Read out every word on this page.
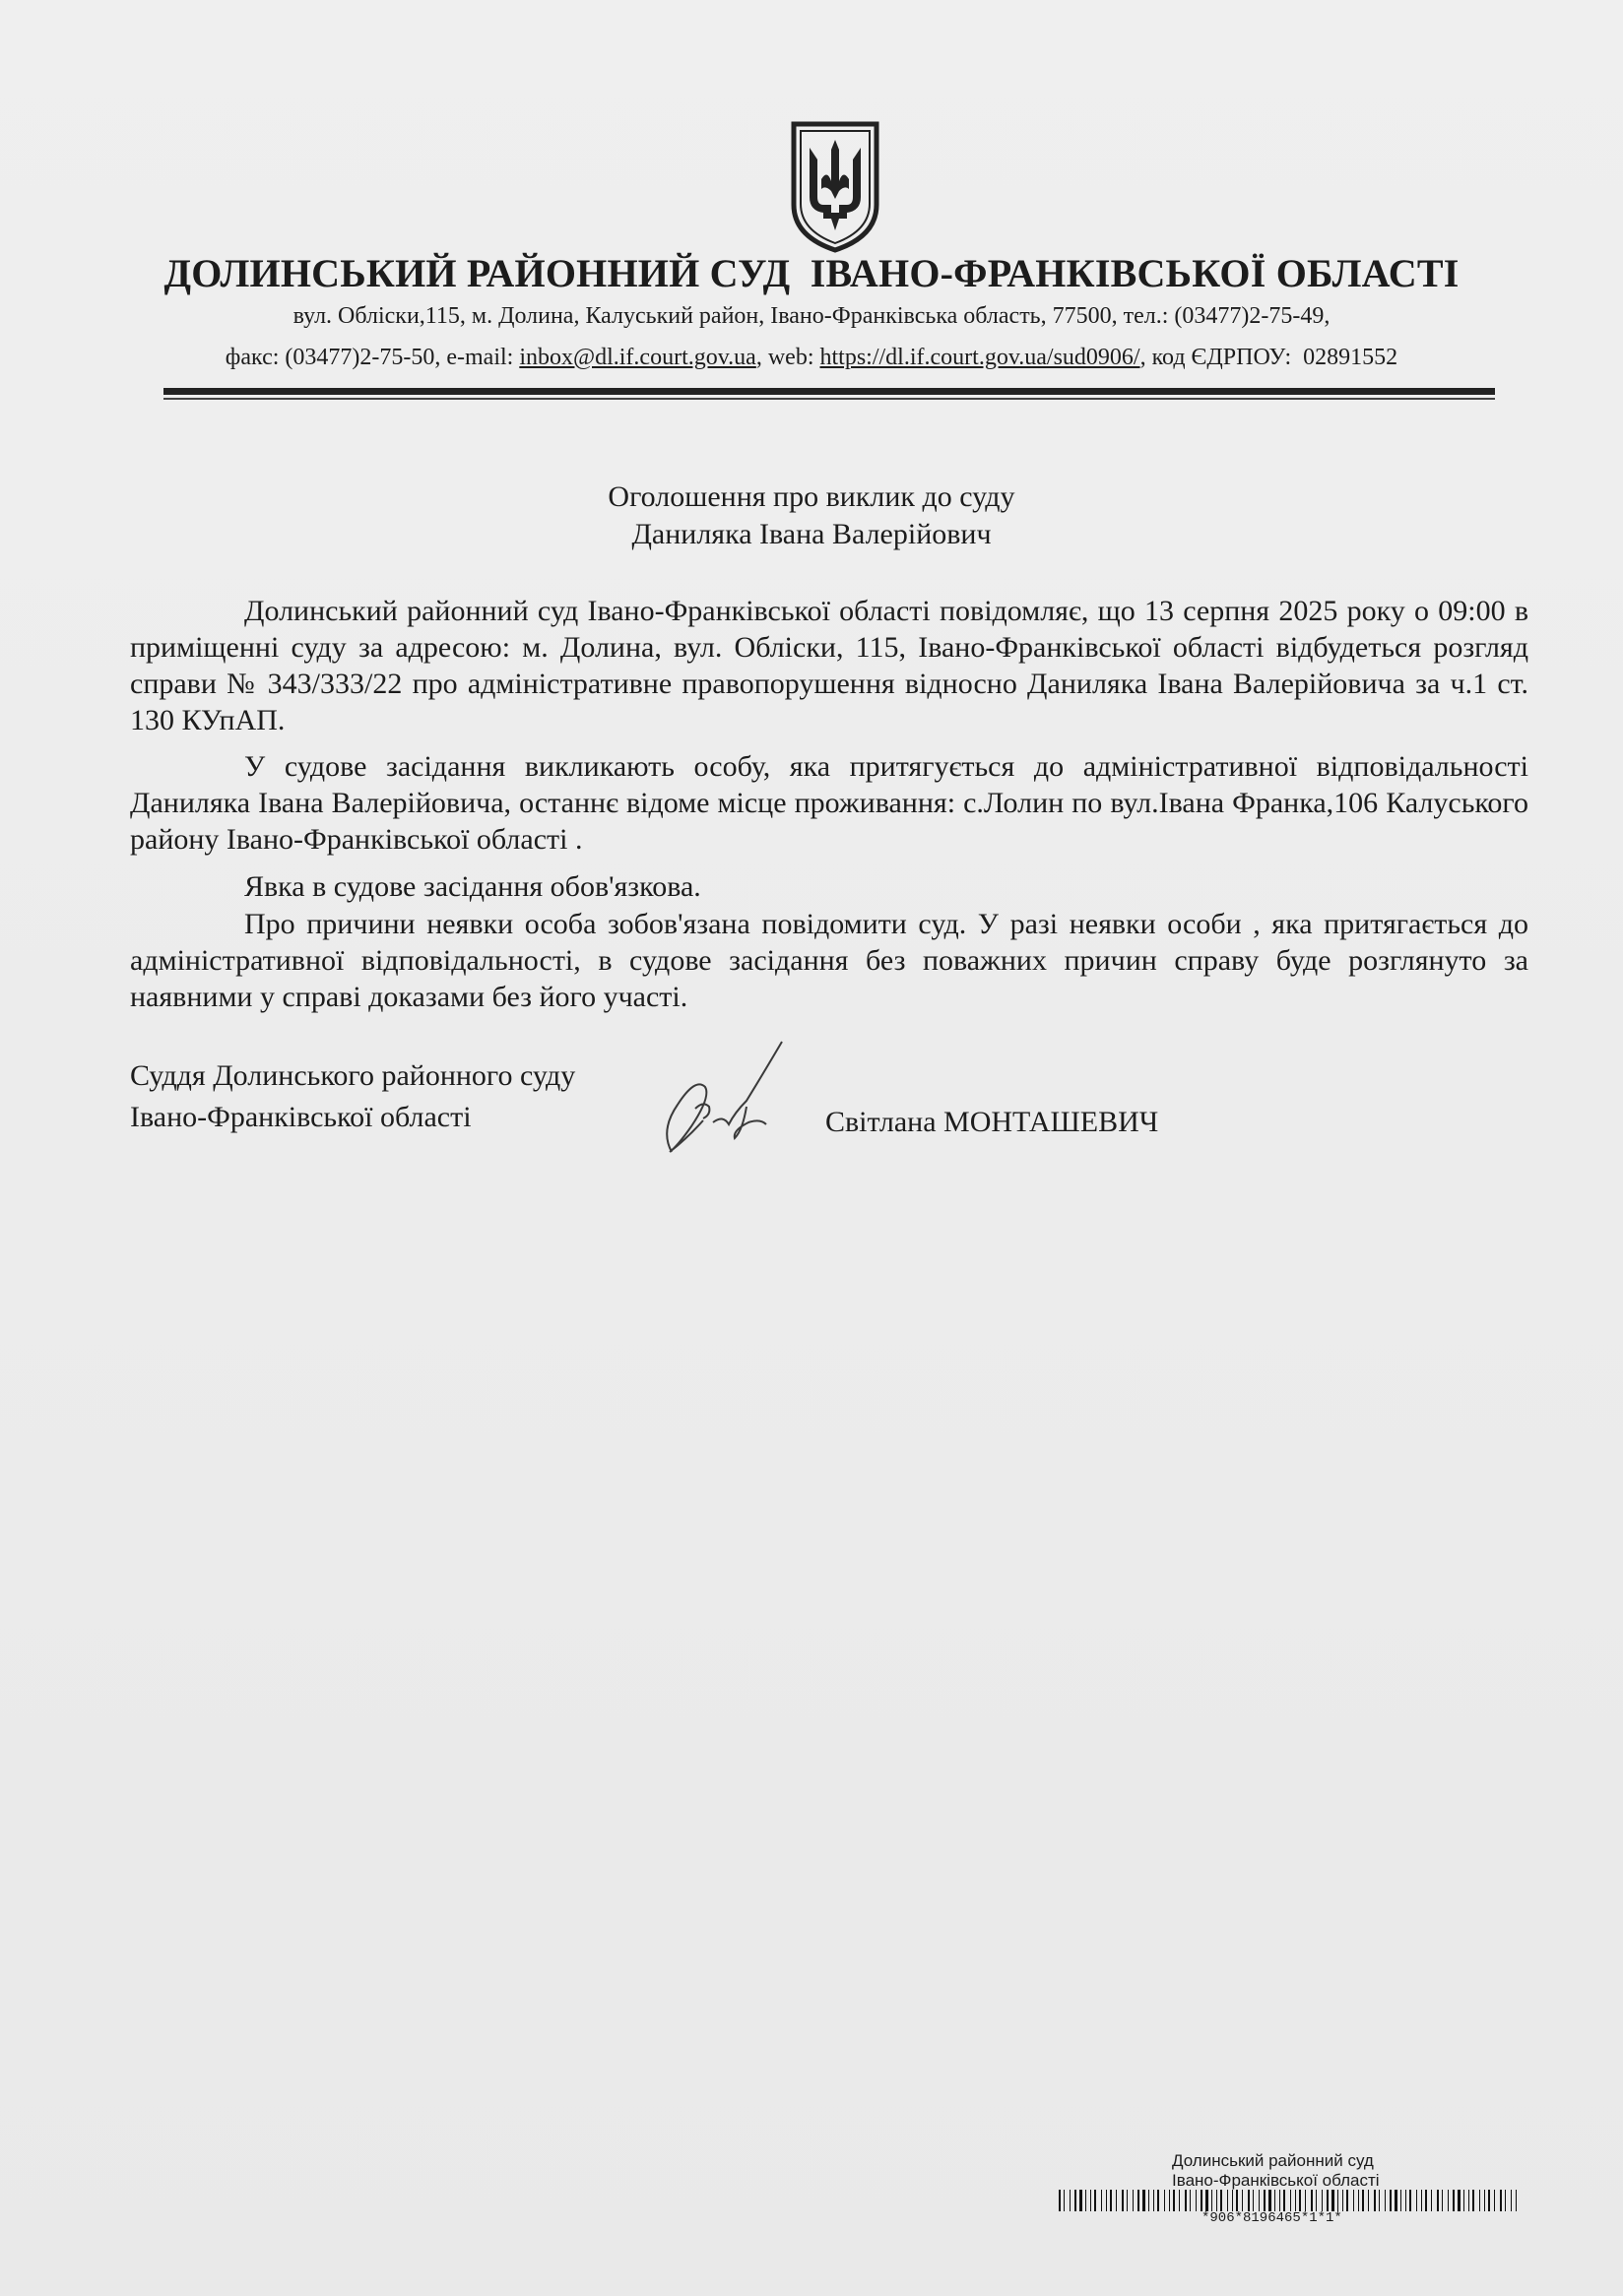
ДОЛИНСЬКИЙ РАЙОННИЙ СУД  ІВАНО-ФРАНКІВСЬКОЇ ОБЛАСТІ
вул. Обліски,115, м. Долина, Калуський район, Івано-Франківська область, 77500, тел.: (03477)2-75-49,
факс: (03477)2-75-50, e-mail: inbox@dl.if.court.gov.ua, web: https://dl.if.court.gov.ua/sud0906/, код ЄДРПОУ:  02891552
Оголошення про виклик до суду
Даниляка Івана Валерійович

Долинський районний суд Івано-Франківської області повідомляє, що 13 серпня 2025 року о 09:00 в приміщенні суду за адресою: м. Долина, вул. Обліски, 115, Івано-Франківської області відбудеться розгляд справи № 343/333/22 про адміністративне правопорушення відносно Даниляка Івана Валерійовича за ч.1 ст. 130 КУпАП.

У судове засідання викликають особу, яка притягується до адміністративної відповідальності Даниляка Івана Валерійовича, останнє відоме місце проживання: с.Лолин по вул.Івана Франка,106 Калуського району Івано-Франківської області .

Явка в судове засідання обов'язкова.

Про причини неявки особа зобов'язана повідомити суд. У разі неявки особи , яка притягається до адміністративної відповідальності, в судове засідання без поважних причин справу буде розглянуто за наявними у справі доказами без його участі.

Суддя Долинського районного суду
Івано-Франківської області	Світлана МОНТАШЕВИЧ
Долинський районний суд
Івано-Франківської області
*906*8196465*1*1*
